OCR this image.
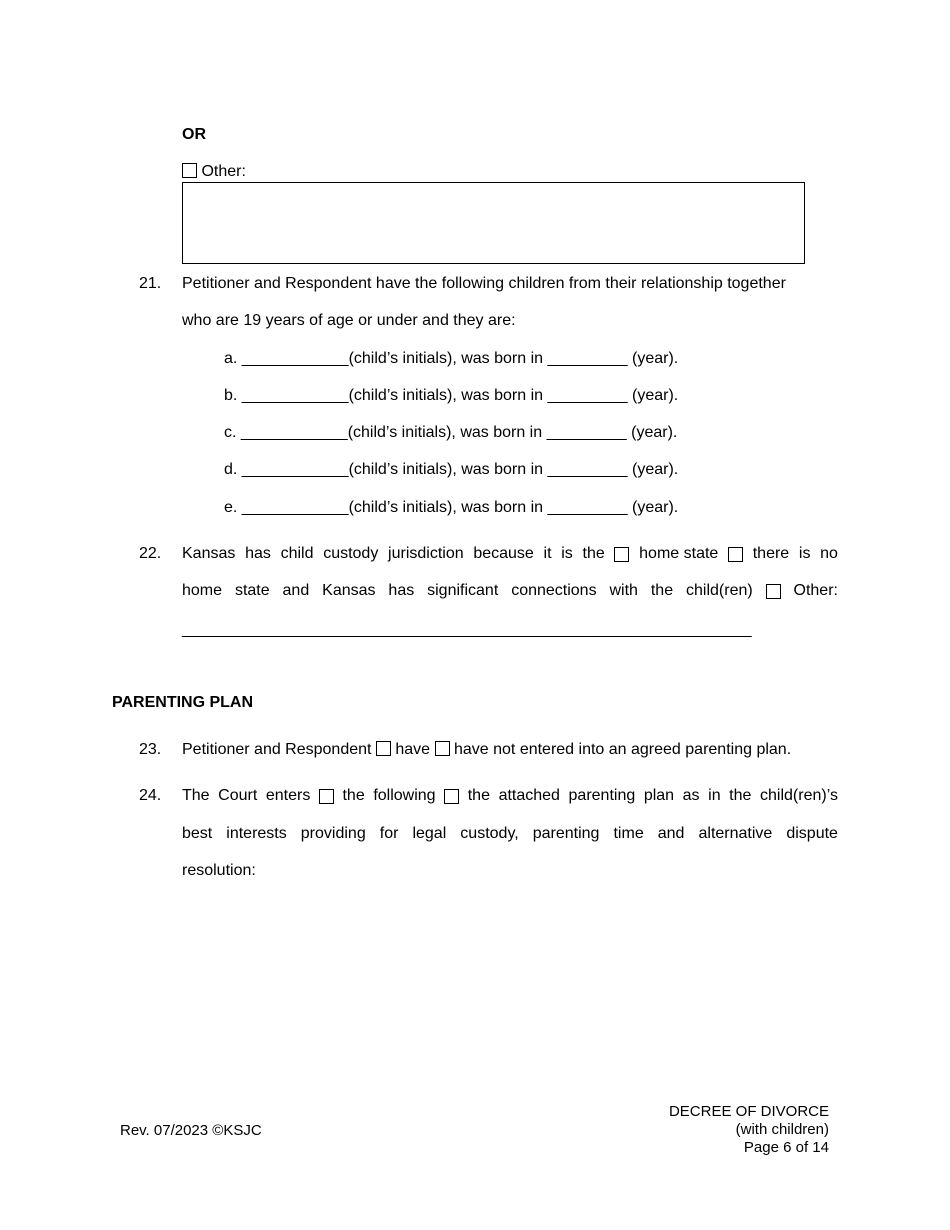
OR
Other:
21. Petitioner and Respondent have the following children from their relationship together
who are 19 years of age or under and they are:
a. ____________(child’s initials), was born in _________ (year).
b. ____________(child’s initials), was born in _________ (year).
c. ____________(child’s initials), was born in _________ (year).
d. ____________(child’s initials), was born in _________ (year).
e. ____________(child’s initials), was born in _________ (year).
22. Kansas has child custody jurisdiction because it is the home state there is no
home state and Kansas has significant connections with the child(ren)	Other:
________________________________________________________________
PARENTING PLAN
23. Petitioner and Respondent have have not entered into an agreed parenting plan.
24. The Court enters the following the attached parenting plan as in the child(ren)’s
best interests providing for legal custody, parenting time and alternative dispute
resolution:
Rev. 07/2023 ©KSJC
DECREE OF DIVORCE
(with children)
Page 6 of 14
